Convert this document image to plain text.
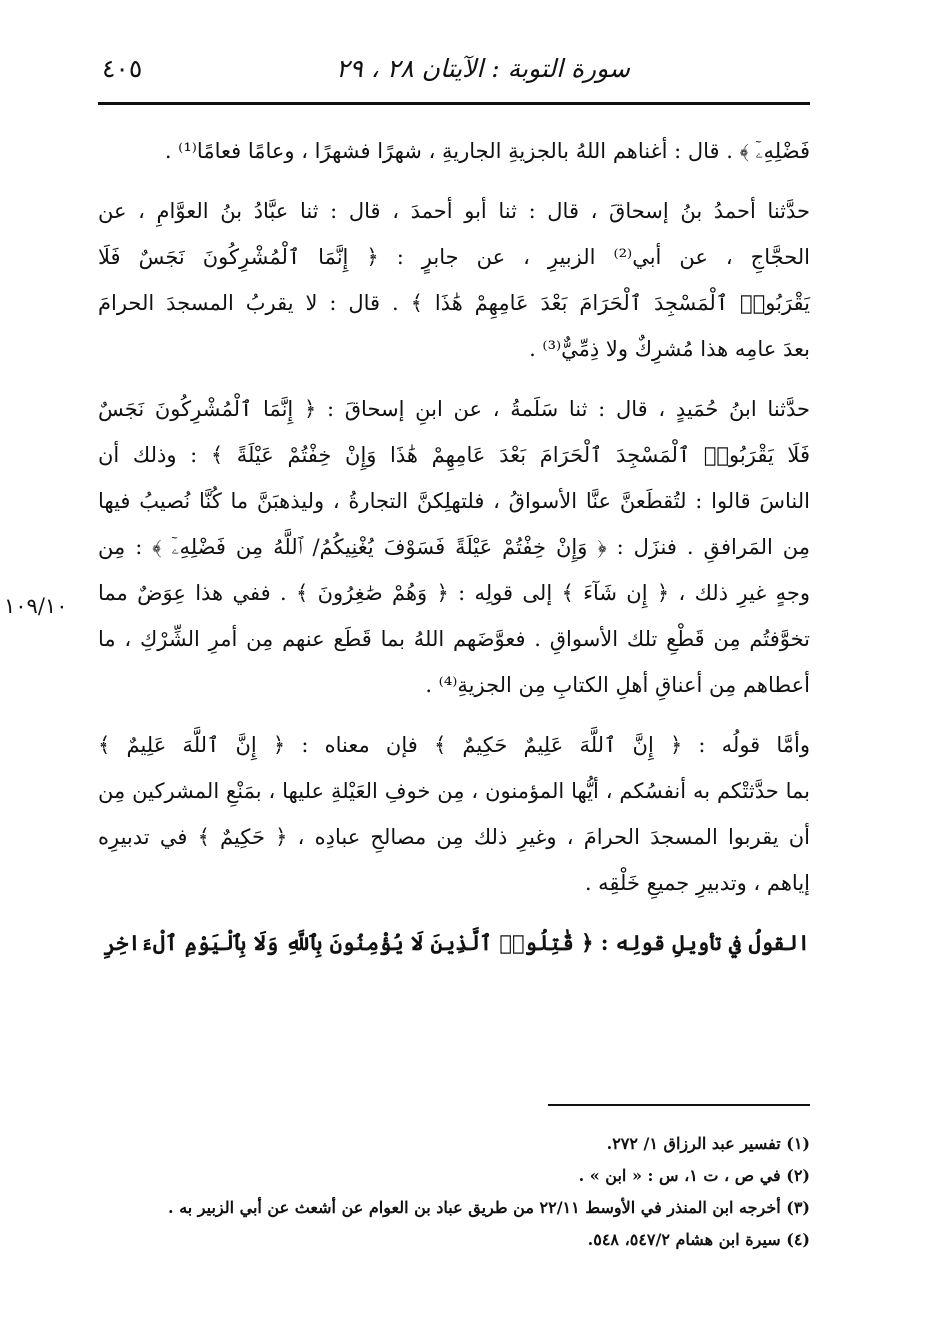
سورة التوبة : الآيتان ٢٨ ، ٢٩
٤٠٥
١٠٩/١٠

فَضْلِهِۦٓ ﴾ . قال : أغناهم اللهُ بالجزيةِ الجاريةِ ، شهرًا فشهرًا ، وعامًا فعامًا⁽¹⁾ .

حدَّثنا أحمدُ بنُ إسحاقَ ، قال : ثنا أبو أحمدَ ، قال : ثنا عبَّادُ بنُ العوَّامِ ، عن
الحجَّاجِ ، عن أبي⁽²⁾ الزبيرِ ، عن جابرٍ : ﴿ إِنَّمَا ٱلْمُشْرِكُونَ نَجَسٌ فَلَا
يَقْرَبُوا۟ ٱلْمَسْجِدَ ٱلْحَرَامَ بَعْدَ عَامِهِمْ هَٰذَا ﴾ . قال : لا يقربُ المسجدَ الحرامَ
بعدَ عامِه هذا مُشرِكٌ ولا ذِمِّيٌّ⁽³⁾ .

حدَّثنا ابنُ حُمَيدٍ ، قال : ثنا سَلَمةُ ، عن ابنِ إسحاقَ : ﴿ إِنَّمَا ٱلْمُشْرِكُونَ نَجَسٌ
فَلَا يَقْرَبُوا۟ ٱلْمَسْجِدَ ٱلْحَرَامَ بَعْدَ عَامِهِمْ هَٰذَا وَإِنْ خِفْتُمْ عَيْلَةً ﴾ : وذلك أن
الناسَ قالوا : لتُقطَعنَّ عنَّا الأسواقُ ، فلتهلِكنَّ التجارةُ ، وليذهبَنَّ ما كُنَّا نُصيبُ فيها
مِن المَرافقِ . فنزَل : ﴿ وَإِنْ خِفْتُمْ عَيْلَةً فَسَوْفَ يُغْنِيكُمُ/ ٱللَّهُ مِن فَضْلِهِۦٓ ﴾ : مِن
وجهٍ غيرِ ذلك ، ﴿ إِن شَآءَ ﴾ إلى قولِه : ﴿ وَهُمْ صَٰغِرُونَ ﴾ . ففي هذا عِوَضٌ مما
تخوَّفتُم مِن قَطْعِ تلك الأسواقِ . فعوَّضَهم اللهُ بما قَطَع عنهم مِن أمرِ الشِّرْكِ ، ما
أعطاهم مِن أعناقِ أهلِ الكتابِ مِن الجزيةِ⁽⁴⁾ .

وأمَّا قولُه : ﴿ إِنَّ ٱللَّهَ عَلِيمٌ حَكِيمٌ ﴾ فإن معناه : ﴿ إِنَّ ٱللَّهَ عَلِيمٌ ﴾
بما حدَّثتْكم به أنفسُكم ، أيُّها المؤمنون ، مِن خوفِ العَيْلةِ عليها ، بمَنْعِ المشركين مِن
أن يقربوا المسجدَ الحرامَ ، وغيرِ ذلك مِن مصالحِ عبادِه ، ﴿ حَكِيمٌ ﴾ في تدبيرِه
إياهم ، وتدبيرِ جميعِ خَلْقِه .

القولُ في تأويلِ قولِه : ﴿ قَٰتِلُوا۟ ٱلَّذِينَ لَا يُؤْمِنُونَ بِٱللَّهِ وَلَا بِٱلْيَوْمِ ٱلْءَاخِرِ

(١) تفسير عبد الرزاق ١/ ٢٧٢.
(٢) في ص ، ت ١، س : « ابن » .
(٣) أخرجه ابن المنذر في الأوسط ٢٢/١١ من طريق عباد بن العوام عن أشعث عن أبي الزبير به .
(٤) سيرة ابن هشام ٥٤٧/٢، ٥٤٨.
